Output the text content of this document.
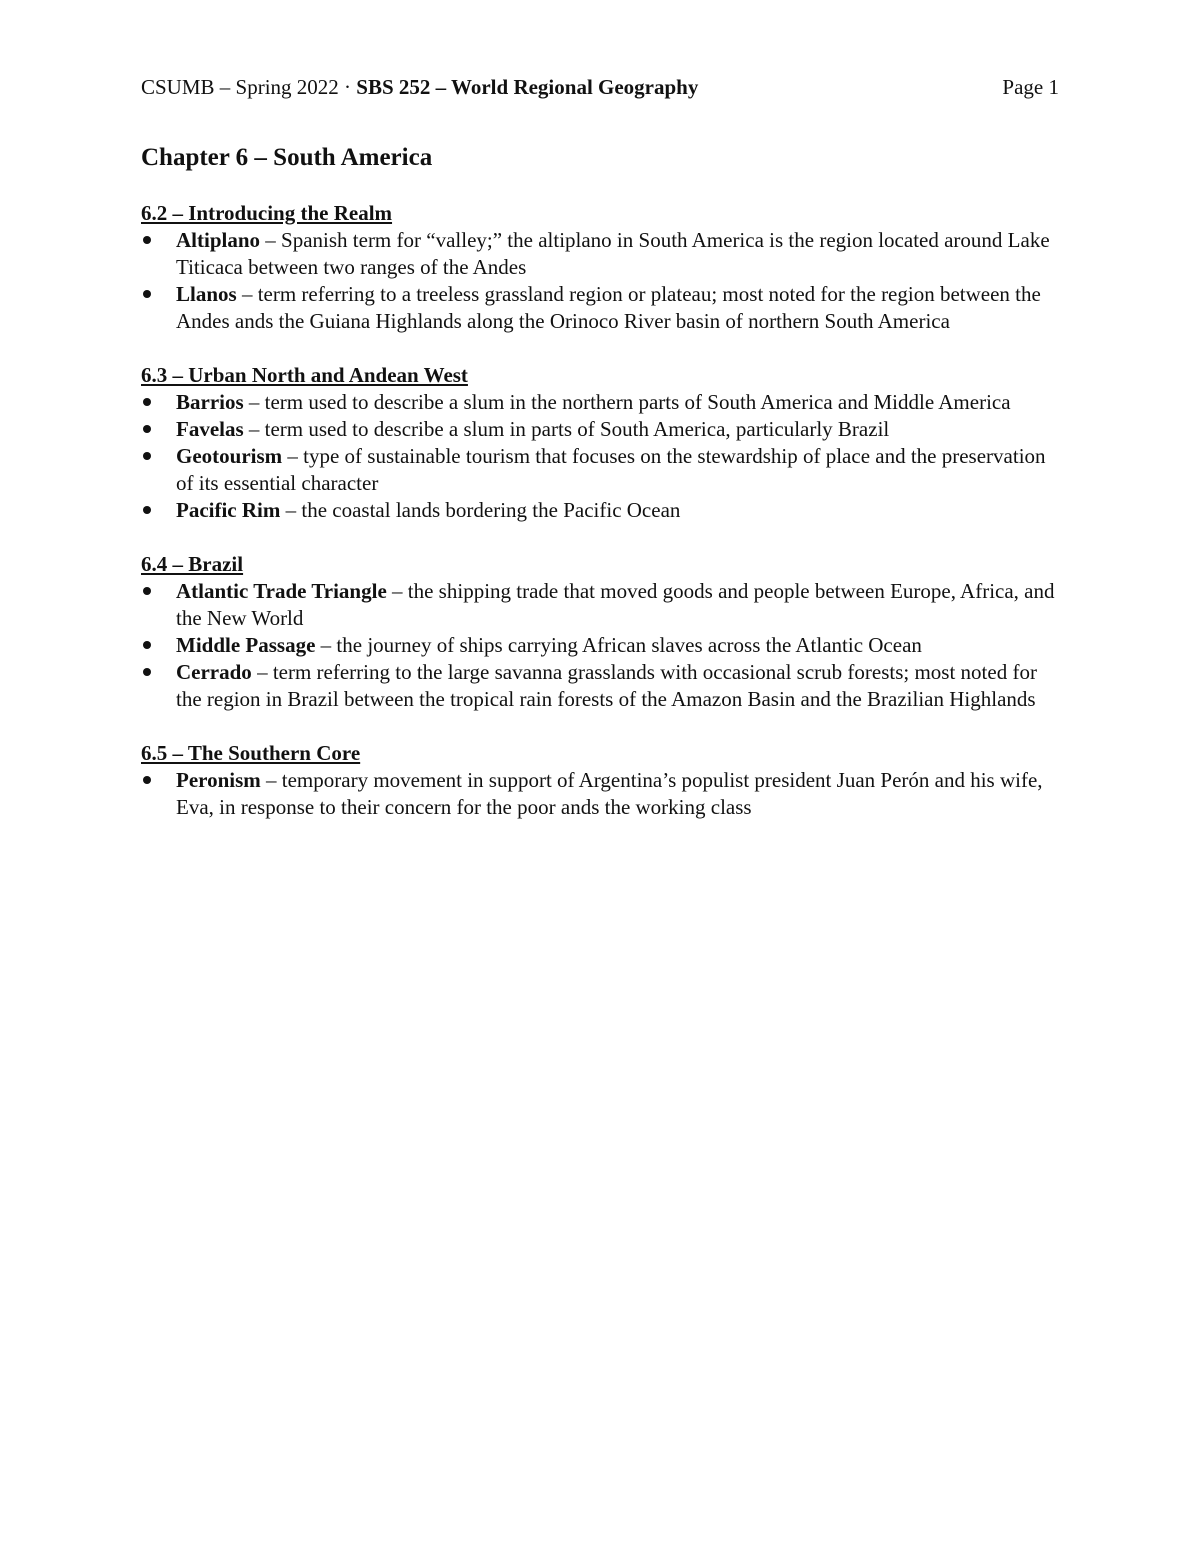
CSUMB – Spring 2022 · SBS 252 – World Regional Geography	Page 1
Chapter 6 – South America
6.2 – Introducing the Realm
Altiplano – Spanish term for “valley;” the altiplano in South America is the region located around Lake Titicaca between two ranges of the Andes
Llanos – term referring to a treeless grassland region or plateau; most noted for the region between the Andes ands the Guiana Highlands along the Orinoco River basin of northern South America
6.3 – Urban North and Andean West
Barrios – term used to describe a slum in the northern parts of South America and Middle America
Favelas – term used to describe a slum in parts of South America, particularly Brazil
Geotourism – type of sustainable tourism that focuses on the stewardship of place and the preservation of its essential character
Pacific Rim – the coastal lands bordering the Pacific Ocean
6.4 – Brazil
Atlantic Trade Triangle – the shipping trade that moved goods and people between Europe, Africa, and the New World
Middle Passage – the journey of ships carrying African slaves across the Atlantic Ocean
Cerrado – term referring to the large savanna grasslands with occasional scrub forests; most noted for the region in Brazil between the tropical rain forests of the Amazon Basin and the Brazilian Highlands
6.5 – The Southern Core
Peronism – temporary movement in support of Argentina’s populist president Juan Perón and his wife, Eva, in response to their concern for the poor ands the working class
